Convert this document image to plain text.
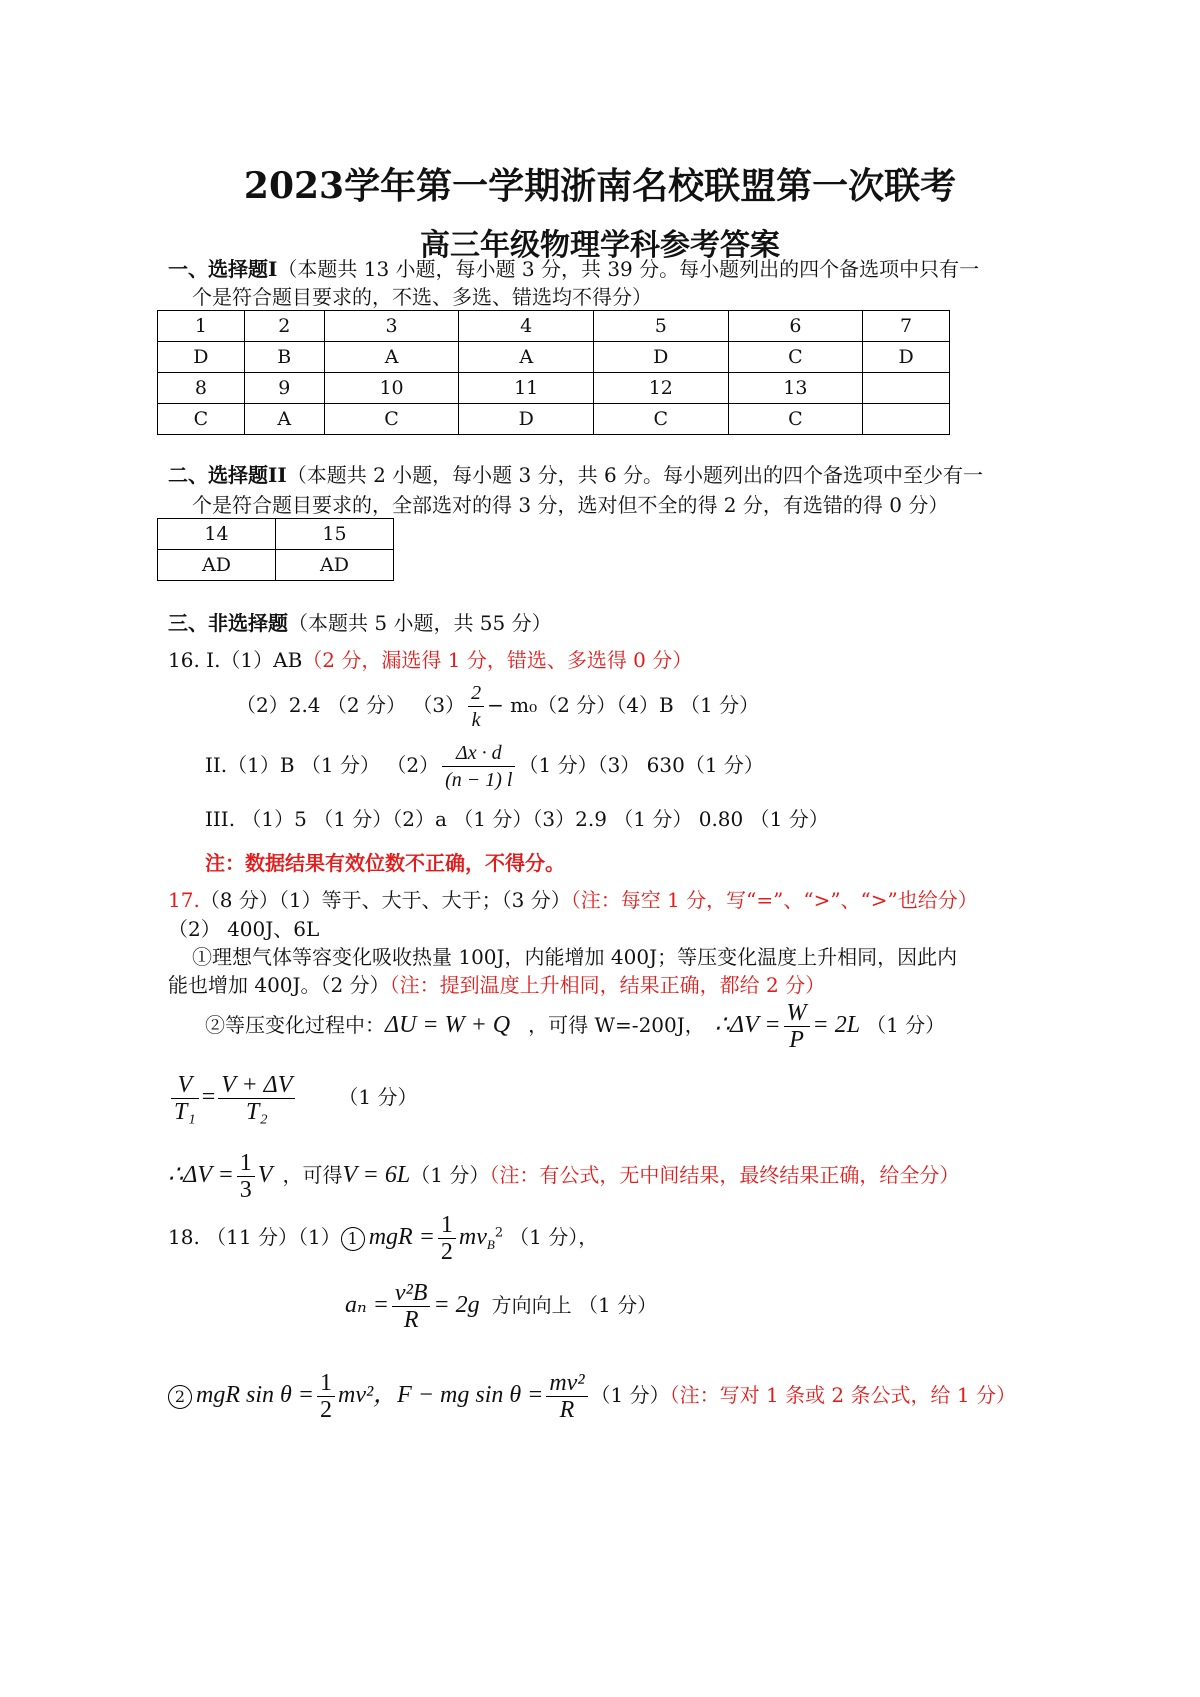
2023学年第一学期浙南名校联盟第一次联考
高三年级物理学科参考答案
一、选择题I（本题共 13 小题，每小题 3 分，共 39 分。每小题列出的四个备选项中只有一
个是符合题目要求的，不选、多选、错选均不得分）
1	2	3	4	5	6	7
D	B	A	A	D	C	D
8	9	10	11	12	13	
C	A	C	D	C	C	
二、选择题II（本题共 2 小题，每小题 3 分，共 6 分。每小题列出的四个备选项中至少有一
个是符合题目要求的，全部选对的得 3 分，选对但不全的得 2 分，有选错的得 0 分）
14	15
AD	AD
三、非选择题（本题共 5 小题，共 55 分）
16. I.（1）AB（2 分，漏选得 1 分，错选、多选得 0 分）
（2）2.4 （2 分） $(3) \frac{2}{k} - m_0(2$ 分）（4）B （1 分）
II.（1）B （1 分） $(2) \frac{\Delta x \cdot d}{(n - 1) l} (1$ 分）（3） 630（1 分）
III. （1）5 （1 分）（2）a （1 分）（3）2.9 （1 分） 0.80 （1 分）
注：数据结果有效位数不正确，不得分。
17.（8 分）（1）等于、大于、大于；（3 分）（注：每空 1 分，写“=”、“>”、“>”也给分）
（2） 400J、6L
①理想气体等容变化吸收热量 100J，内能增加 400J；等压变化温度上升相同，因此内
能也增加 400J。（2 分）（注：提到温度上升相同，结果正确，都给 2 分）
②等压变化过程中：ΔU = W + Q ，可得 W=-200J， ∴ΔV = $\frac{W}{P} = 2L$ （1 分）
$\frac{V}{\text{T₁}} = \frac{V + \Delta V}{\text{T₂}} (1$ 分）
∴ΔV = $\frac{1}{3}$ V ，可得V = 6L（1 分）（注：有公式，无中间结果，最终结果正确，给全分）
18. （11 分）（1） 1 mgR = $\frac{1}{2} mv_B^2$ （1 分），
$a_n = \frac{\text{v²B}}{R} = 2g$ 方向向上 （1 分）
2 mgR $\sin \theta = \frac{1}{2} mv^2$，F − mg $\sin \theta = \frac{\text{mv²}}{R} (1$ 分）（注：写对 1 条或 2 条公式，给 1 分）
